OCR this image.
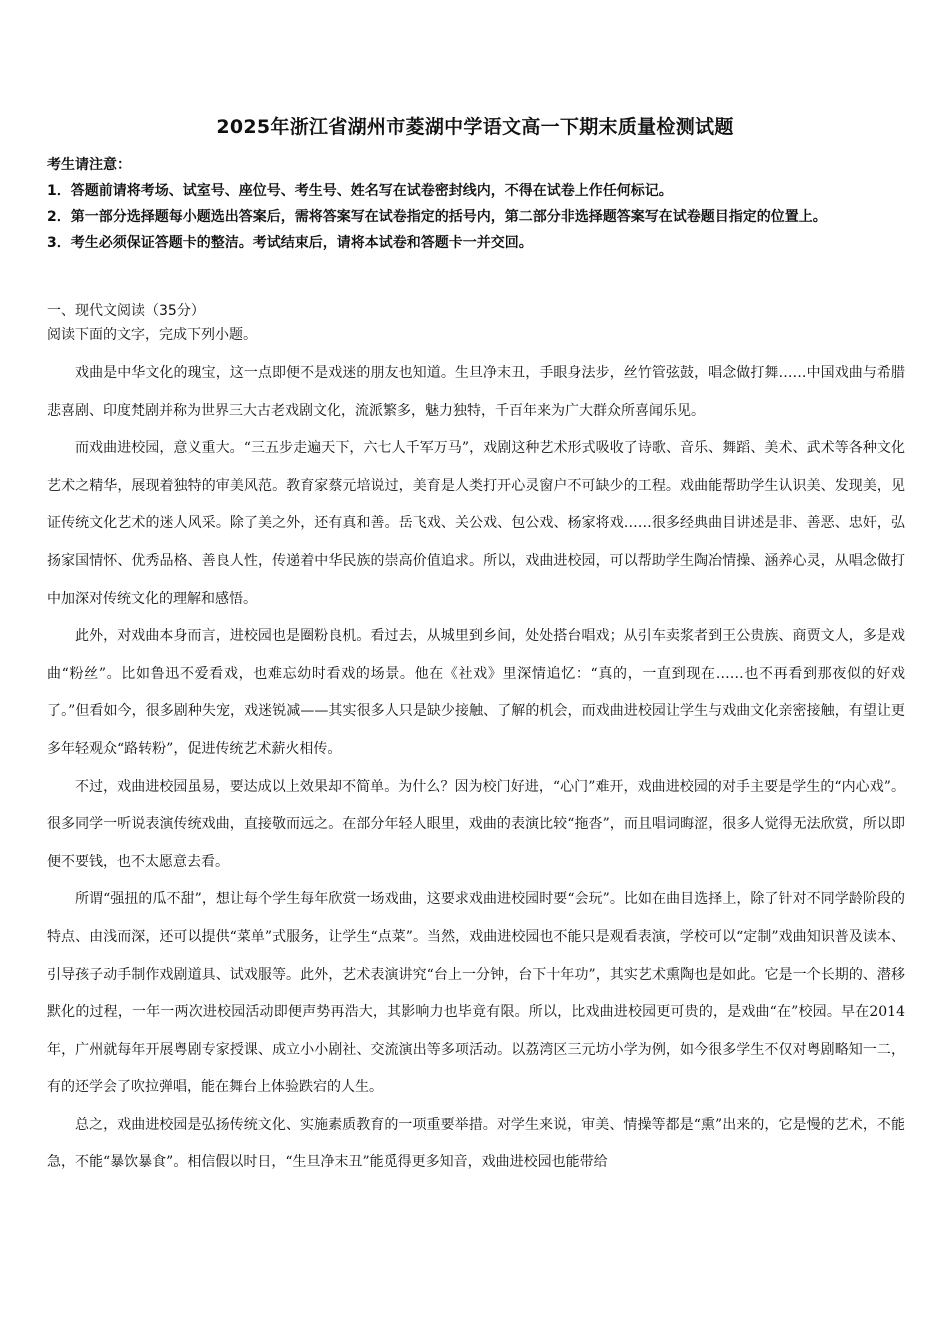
2025年浙江省湖州市菱湖中学语文高一下期末质量检测试题
考生请注意：
1．答题前请将考场、试室号、座位号、考生号、姓名写在试卷密封线内，不得在试卷上作任何标记。
2．第一部分选择题每小题选出答案后，需将答案写在试卷指定的括号内，第二部分非选择题答案写在试卷题目指定的位置上。
3．考生必须保证答题卡的整洁。考试结束后，请将本试卷和答题卡一并交回。
一、现代文阅读（35分）
阅读下面的文字，完成下列小题。

戏曲是中华文化的瑰宝，这一点即便不是戏迷的朋友也知道。生旦净末丑，手眼身法步，丝竹管弦鼓，唱念做打舞……中国戏曲与希腊悲喜剧、印度梵剧并称为世界三大古老戏剧文化，流派繁多，魅力独特，千百年来为广大群众所喜闻乐见。

而戏曲进校园，意义重大。“三五步走遍天下，六七人千军万马”，戏剧这种艺术形式吸收了诗歌、音乐、舞蹈、美术、武术等各种文化艺术之精华，展现着独特的审美风范。教育家蔡元培说过，美育是人类打开心灵窗户不可缺少的工程。戏曲能帮助学生认识美、发现美，见证传统文化艺术的迷人风采。除了美之外，还有真和善。岳飞戏、关公戏、包公戏、杨家将戏……很多经典曲目讲述是非、善恶、忠奸，弘扬家国情怀、优秀品格、善良人性，传递着中华民族的崇高价值追求。所以，戏曲进校园，可以帮助学生陶冶情操、涵养心灵，从唱念做打中加深对传统文化的理解和感悟。

此外，对戏曲本身而言，进校园也是圈粉良机。看过去，从城里到乡间，处处搭台唱戏；从引车卖浆者到王公贵族、商贾文人，多是戏曲“粉丝”。比如鲁迅不爱看戏，也难忘幼时看戏的场景。他在《社戏》里深情追忆：“真的，一直到现在……也不再看到那夜似的好戏了。”但看如今，很多剧种失宠，戏迷锐减——其实很多人只是缺少接触、了解的机会，而戏曲进校园让学生与戏曲文化亲密接触，有望让更多年轻观众“路转粉”，促进传统艺术薪火相传。

不过，戏曲进校园虽易，要达成以上效果却不简单。为什么？因为校门好进，“心门”难开，戏曲进校园的对手主要是学生的“内心戏”。很多同学一听说表演传统戏曲，直接敬而远之。在部分年轻人眼里，戏曲的表演比较“拖沓”，而且唱词晦涩，很多人觉得无法欣赏，所以即便不要钱，也不太愿意去看。

所谓“强扭的瓜不甜”，想让每个学生每年欣赏一场戏曲，这要求戏曲进校园时要“会玩”。比如在曲目选择上，除了针对不同学龄阶段的特点、由浅而深，还可以提供“菜单”式服务，让学生“点菜”。当然，戏曲进校园也不能只是观看表演，学校可以“定制”戏曲知识普及读本、引导孩子动手制作戏剧道具、试戏服等。此外，艺术表演讲究“台上一分钟，台下十年功”，其实艺术熏陶也是如此。它是一个长期的、潜移默化的过程，一年一两次进校园活动即便声势再浩大，其影响力也毕竟有限。所以，比戏曲进校园更可贵的，是戏曲“在”校园。早在2014年，广州就每年开展粤剧专家授课、成立小小剧社、交流演出等多项活动。以荔湾区三元坊小学为例，如今很多学生不仅对粤剧略知一二，有的还学会了吹拉弹唱，能在舞台上体验跌宕的人生。

总之，戏曲进校园是弘扬传统文化、实施素质教育的一项重要举措。对学生来说，审美、情操等都是“熏”出来的，它是慢的艺术，不能急，不能“暴饮暴食”。相信假以时日，“生旦净末丑”能觅得更多知音，戏曲进校园也能带给
